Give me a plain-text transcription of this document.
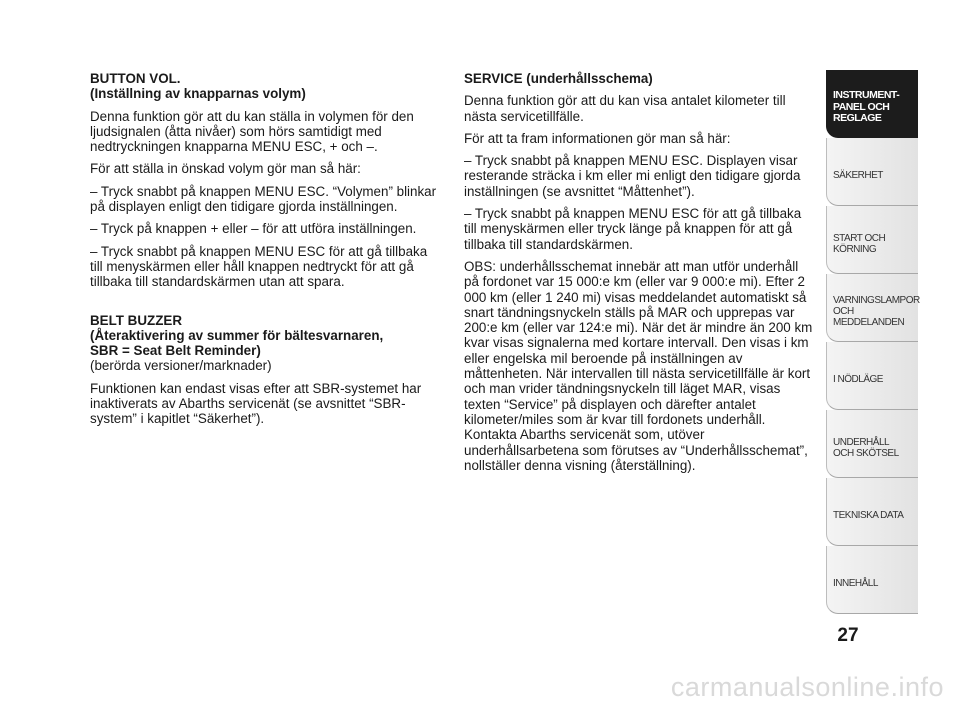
BUTTON VOL.
(Inställning av knapparnas volym)

Denna funktion gör att du kan ställa in volymen för den ljudsignalen (åtta nivåer) som hörs samtidigt med nedtryckningen knapparna MENU ESC, + och –.

För att ställa in önskad volym gör man så här:

– Tryck snabbt på knappen MENU ESC. “Volymen” blinkar på displayen enligt den tidigare gjorda inställningen.

– Tryck på knappen + eller – för att utföra inställningen.

– Tryck snabbt på knappen MENU ESC för att gå tillbaka till menyskärmen eller håll knappen nedtryckt för att gå tillbaka till standardskärmen utan att spara.

BELT BUZZER
(Återaktivering av summer för bältesvarnaren,
SBR = Seat Belt Reminder)
(berörda versioner/marknader)

Funktionen kan endast visas efter att SBR-systemet har inaktiverats av Abarths servicenät (se avsnittet “SBR-system” i kapitlet “Säkerhet”).

SERVICE (underhållsschema)

Denna funktion gör att du kan visa antalet kilometer till nästa servicetillfälle.

För att ta fram informationen gör man så här:

– Tryck snabbt på knappen MENU ESC. Displayen visar resterande sträcka i km eller mi enligt den tidigare gjorda inställningen (se avsnittet “Måttenhet”).

– Tryck snabbt på knappen MENU ESC för att gå tillbaka till menyskärmen eller tryck länge på knappen för att gå tillbaka till standardskärmen.

OBS: underhållsschemat innebär att man utför underhåll på fordonet var 15 000:e km (eller var 9 000:e mi). Efter 2 000 km (eller 1 240 mi) visas meddelandet automatiskt så snart tändningsnyckeln ställs på MAR och upprepas var 200:e km (eller var 124:e mi). När det är mindre än 200 km kvar visas signalerna med kortare intervall. Den visas i km eller engelska mil beroende på inställningen av måttenheten. När intervallen till nästa servicetillfälle är kort och man vrider tändningsnyckeln till läget MAR, visas texten “Service” på displayen och därefter antalet kilometer/miles som är kvar till fordonets underhåll. Kontakta Abarths servicenät som, utöver underhållsarbetena som förutses av “Underhållsschemat”, nollställer denna visning (återställning).

INSTRUMENT-
PANEL OCH
REGLAGE
SÄKERHET
START OCH
KÖRNING
VARNINGSLAMPOR
OCH
MEDDELANDEN
I NÖDLÄGE
UNDERHÅLL
OCH SKÖTSEL
TEKNISKA DATA
INNEHÅLL
27
carmanualsonline.info
